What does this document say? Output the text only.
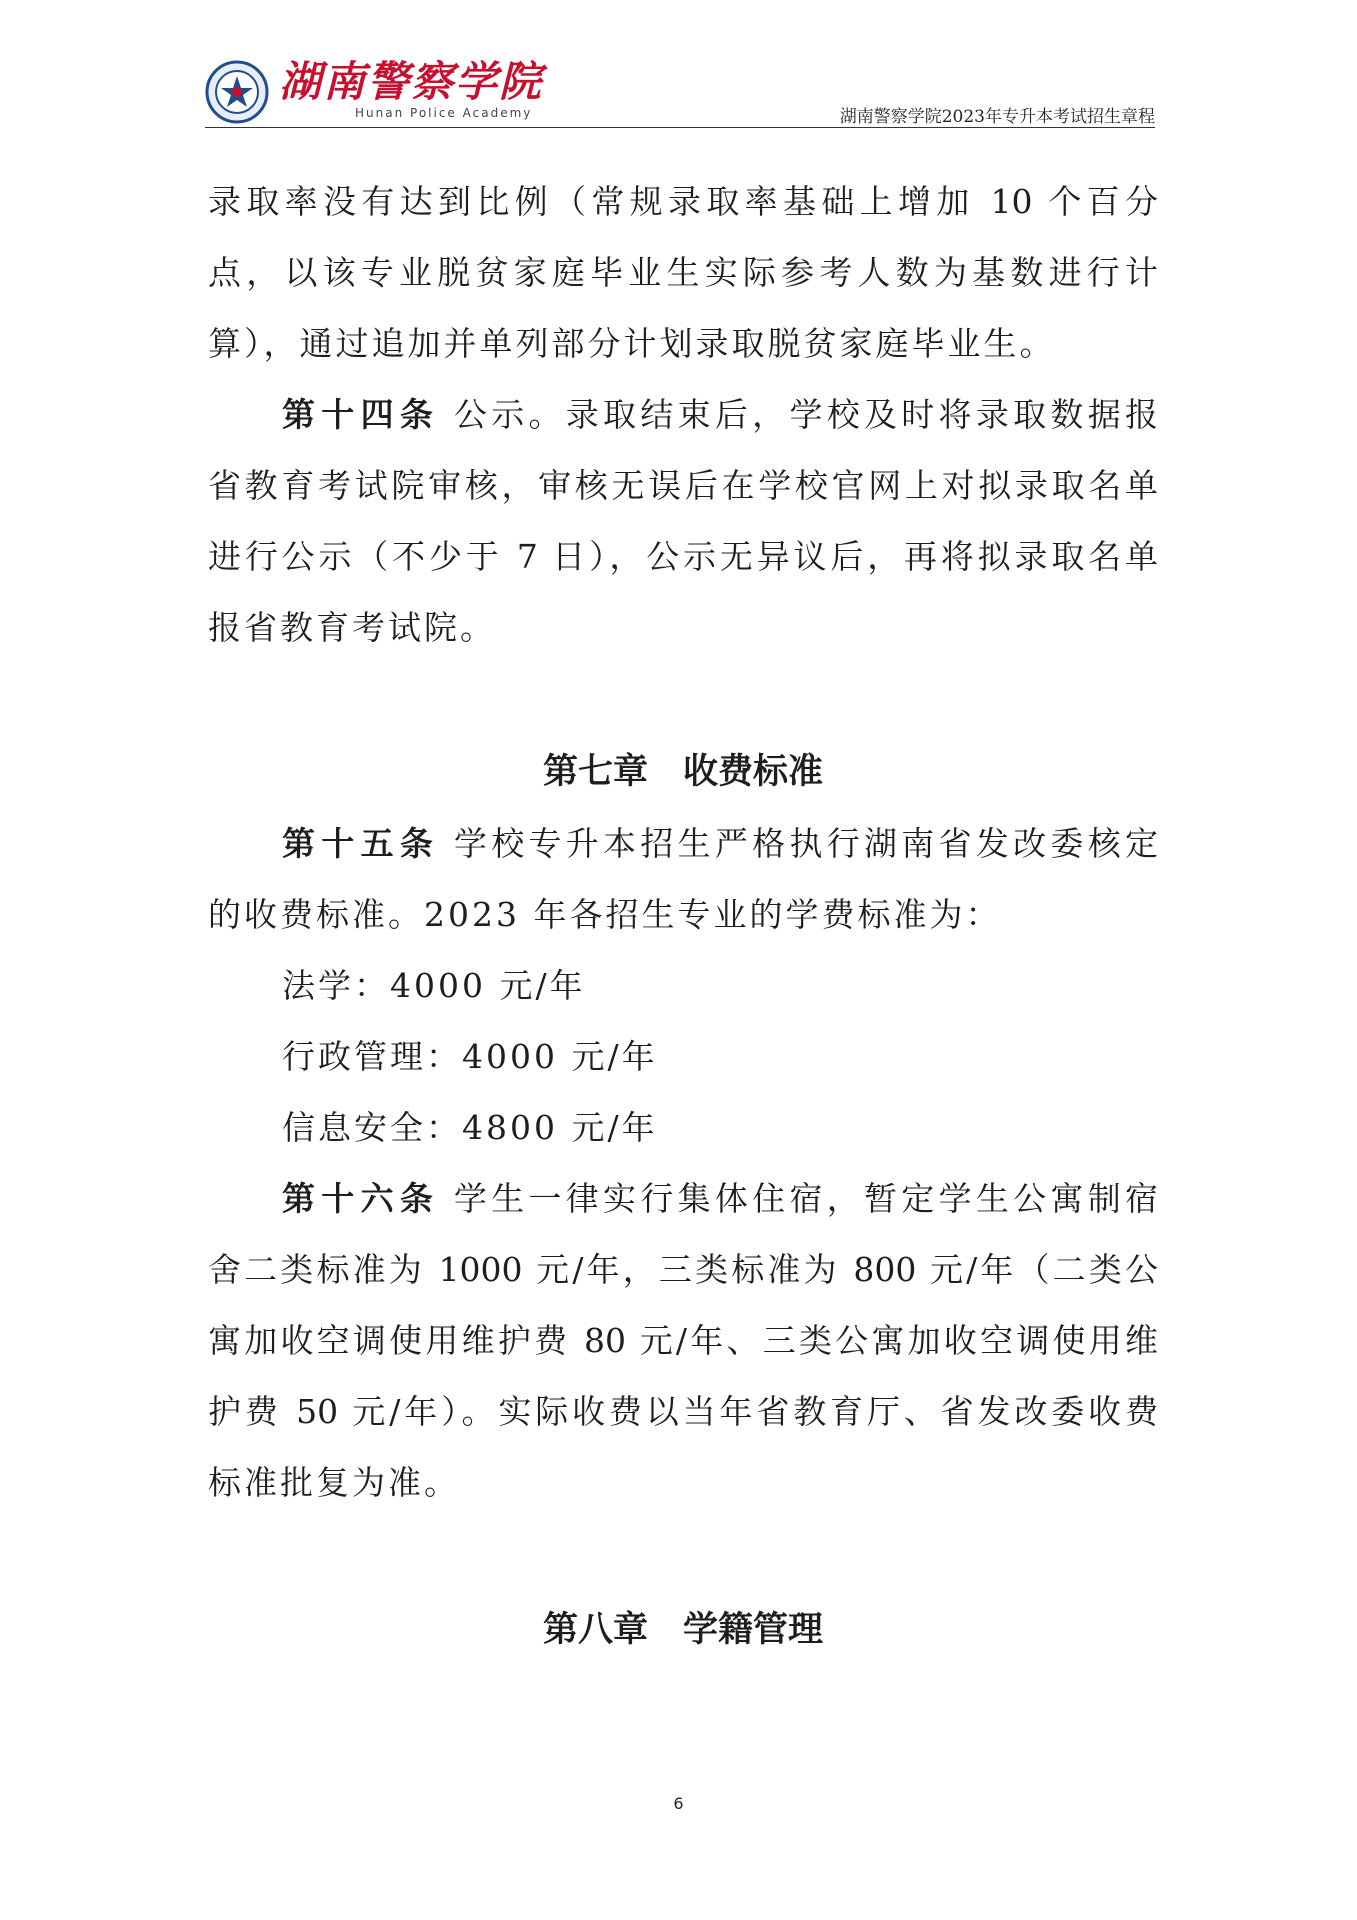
湖南警察学院
Hunan Police Academy	湖南警察学院2023年专升本考试招生章程
录取率没有达到比例（常规录取率基础上增加 10 个百分
点，以该专业脱贫家庭毕业生实际参考人数为基数进行计
算），通过追加并单列部分计划录取脱贫家庭毕业生。
第十四条 公示。录取结束后，学校及时将录取数据报
省教育考试院审核，审核无误后在学校官网上对拟录取名单
进行公示（不少于 7 日），公示无异议后，再将拟录取名单
报省教育考试院。
第七章　收费标准
第十五条 学校专升本招生严格执行湖南省发改委核定
的收费标准。2023 年各招生专业的学费标准为：
法学：4000 元/年
行政管理：4000 元/年
信息安全：4800 元/年
第十六条 学生一律实行集体住宿，暂定学生公寓制宿
舍二类标准为 1000 元/年，三类标准为 800 元/年（二类公
寓加收空调使用维护费 80 元/年、三类公寓加收空调使用维
护费 50 元/年）。实际收费以当年省教育厅、省发改委收费
标准批复为准。
第八章　学籍管理
6
